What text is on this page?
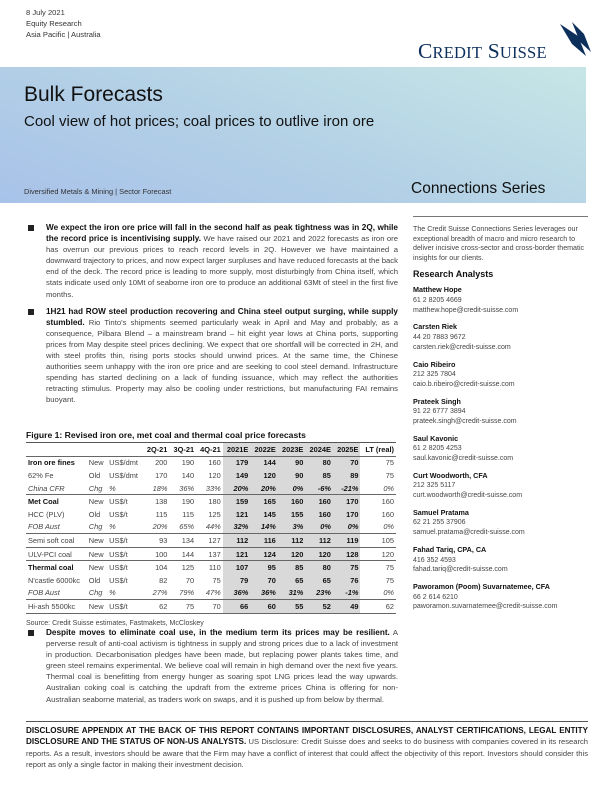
8 July 2021
Equity Research
Asia Pacific | Australia
CREDIT SUISSE
Bulk Forecasts
Cool view of hot prices; coal prices to outlive iron ore
Diversified Metals & Mining | Sector Forecast	Connections Series
We expect the iron ore price will fall in the second half as peak tightness was in 2Q, while the record price is incentivising supply. We have raised our 2021 and 2022 forecasts as iron ore has overrun our previous prices to reach record levels in 2Q. However we have maintained a downward trajectory to prices, and now expect larger surpluses and have reduced forecasts at the back end of the deck. The record price is leading to more supply, most disturbingly from China itself, which stats indicate used only 10Mt of seaborne iron ore to produce an additional 63Mt of steel in the first five months.
1H21 had ROW steel production recovering and China steel output surging, while supply stumbled. Rio Tinto's shipments seemed particularly weak in April and May and probably, as a consequence, Pilbara Blend – a mainstream brand – hit eight year lows at China ports, supporting prices from May despite steel prices declining. We expect that ore shortfall will be corrected in 2H, and with steel profits thin, rising ports stocks should unwind prices. At the same time, the Chinese authorities seem unhappy with the iron ore price and are seeking to cool steel demand. Infrastructure spending has started declining on a lack of funding issuance, which may reflect the authorities retracting stimulus. Property may also be cooling under restrictions, but manufacturing FAI remains buoyant.
Figure 1: Revised iron ore, met coal and thermal coal price forecasts
			2Q-21	3Q-21	4Q-21	2021E	2022E	2023E	2024E	2025E	LT (real)
Iron ore fines	New	US$/dmt	200	190	160	179	144	90	80	70	75
62% Fe	Old	US$/dmt	170	140	120	149	120	90	85	89	75
China CFR	Chg	%	18%	36%	33%	20%	20%	0%	-6%	-21%	0%
Met Coal	New	US$/t	138	190	180	159	165	160	160	170	160
HCC (PLV)	Old	US$/t	115	115	125	121	145	155	160	170	160
FOB Aust	Chg	%	20%	65%	44%	32%	14%	3%	0%	0%	0%
Semi soft coal	New	US$/t	93	134	127	112	116	112	112	119	105
ULV-PCI coal	New	US$/t	100	144	137	121	124	120	120	128	120
Thermal coal	New	US$/t	104	125	110	107	95	85	80	75	75
N'castle 6000kc	Old	US$/t	82	70	75	79	70	65	65	76	75
FOB Aust	Chg	%	27%	79%	47%	36%	36%	31%	23%	-1%	0%
Hi-ash 5500kc	New	US$/t	62	75	70	66	60	55	52	49	62
Source: Credit Suisse estimates, Fastmakets, McCloskey
Despite moves to eliminate coal use, in the medium term its prices may be resilient. A perverse result of anti-coal activism is tightness in supply and strong prices due to a lack of investment in production. Decarbonisation pledges have been made, but replacing power plants takes time, and green steel remains experimental. We believe coal will remain in high demand over the next five years. Thermal coal is benefitting from energy hunger as soaring spot LNG prices lead the way upwards. Australian coking coal is catching the updraft from the extreme prices China is offering for non-Australian seaborne material, as traders work on swaps, and it is pushed up from below by thermal.
The Credit Suisse Connections Series leverages our exceptional breadth of macro and micro research to deliver incisive cross-sector and cross-border thematic insights for our clients.
Research Analysts
Matthew Hope
61 2 8205 4669
matthew.hope@credit-suisse.com
Carsten Riek
44 20 7883 9672
carsten.riek@credit-suisse.com
Caio Ribeiro
212 325 7804
caio.b.ribeiro@credit-suisse.com
Prateek Singh
91 22 6777 3894
prateek.singh@credit-suisse.com
Saul Kavonic
61 2 8205 4253
saul.kavonic@credit-suisse.com
Curt Woodworth, CFA
212 325 5117
curt.woodworth@credit-suisse.com
Samuel Pratama
62 21 255 37906
samuel.pratama@credit-suisse.com
Fahad Tariq, CPA, CA
416 352 4593
fahad.tariq@credit-suisse.com
Paworamon (Poom) Suvarnatemee, CFA
66 2 614 6210
paworamon.suvarnatemee@credit-suisse.com
DISCLOSURE APPENDIX AT THE BACK OF THIS REPORT CONTAINS IMPORTANT DISCLOSURES, ANALYST CERTIFICATIONS, LEGAL ENTITY DISCLOSURE AND THE STATUS OF NON-US ANALYSTS. US Disclosure: Credit Suisse does and seeks to do business with companies covered in its research reports. As a result, investors should be aware that the Firm may have a conflict of interest that could affect the objectivity of this report. Investors should consider this report as only a single factor in making their investment decision.
